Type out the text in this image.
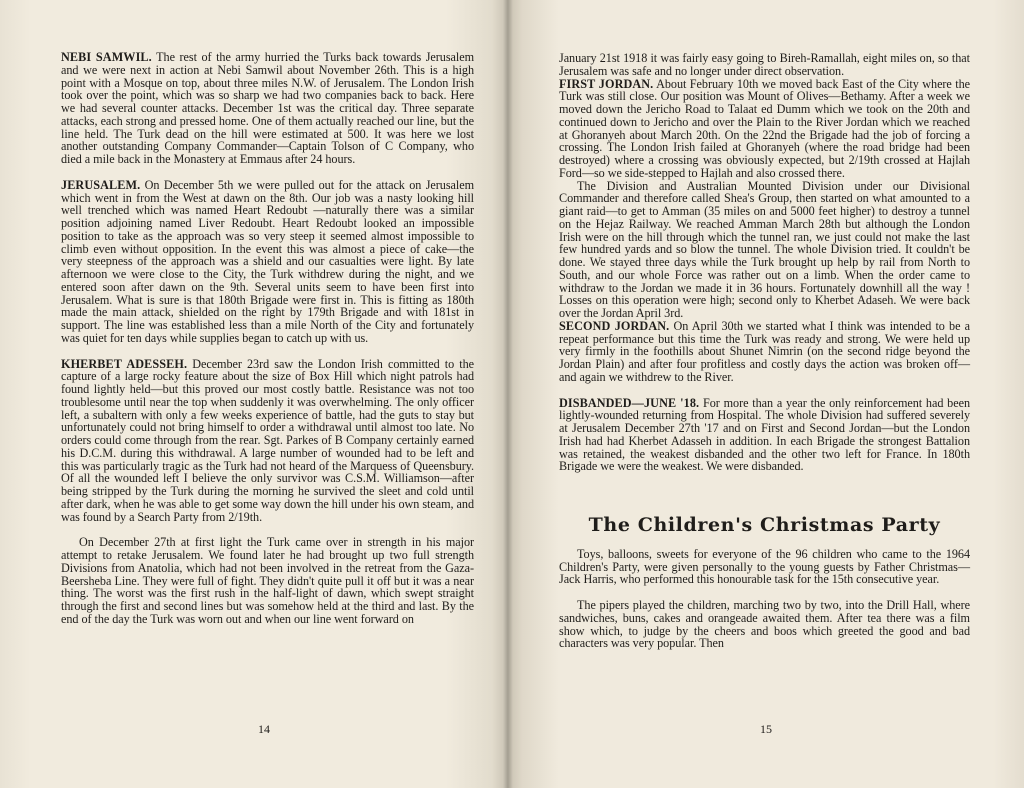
NEBI SAMWIL. The rest of the army hurried the Turks back towards Jerusalem and we were next in action at Nebi Samwil about November 26th. This is a high point with a Mosque on top, about three miles N.W. of Jerusalem. The London Irish took over the point, which was so sharp we had two companies back to back. Here we had several counter attacks. December 1st was the critical day. Three separate attacks, each strong and pressed home. One of them actually reached our line, but the line held. The Turk dead on the hill were estimated at 500. It was here we lost another outstanding Company Commander—Captain Tolson of C Company, who died a mile back in the Monastery at Emmaus after 24 hours.

JERUSALEM. On December 5th we were pulled out for the attack on Jerusalem which went in from the West at dawn on the 8th. Our job was a nasty looking hill well trenched which was named Heart Redoubt —naturally there was a similar position adjoining named Liver Redoubt. Heart Redoubt looked an impossible position to take as the approach was so very steep it seemed almost impossible to climb even without opposition. In the event this was almost a piece of cake—the very steepness of the approach was a shield and our casualties were light. By late afternoon we were close to the City, the Turk withdrew during the night, and we entered soon after dawn on the 9th. Several units seem to have been first into Jerusalem. What is sure is that 180th Brigade were first in. This is fitting as 180th made the main attack, shielded on the right by 179th Brigade and with 181st in support. The line was established less than a mile North of the City and fortunately was quiet for ten days while supplies began to catch up with us.

KHERBET ADESSEH. December 23rd saw the London Irish committed to the capture of a large rocky feature about the size of Box Hill which night patrols had found lightly held—but this proved our most costly battle. Resistance was not too troublesome until near the top when suddenly it was overwhelming. The only officer left, a subaltern with only a few weeks experience of battle, had the guts to stay but unfortunately could not bring himself to order a withdrawal until almost too late. No orders could come through from the rear. Sgt. Parkes of B Company certainly earned his D.C.M. during this withdrawal. A large number of wounded had to be left and this was particularly tragic as the Turk had not heard of the Marquess of Queensbury. Of all the wounded left I believe the only survivor was C.S.M. Williamson—after being stripped by the Turk during the morning he survived the sleet and cold until after dark, when he was able to get some way down the hill under his own steam, and was found by a Search Party from 2/19th.

On December 27th at first light the Turk came over in strength in his major attempt to retake Jerusalem. We found later he had brought up two full strength Divisions from Anatolia, which had not been involved in the retreat from the Gaza-Beersheba Line. They were full of fight. They didn't quite pull it off but it was a near thing. The worst was the first rush in the half-light of dawn, which swept straight through the first and second lines but was somehow held at the third and last. By the end of the day the Turk was worn out and when our line went forward on

14

January 21st 1918 it was fairly easy going to Bireh-Ramallah, eight miles on, so that Jerusalem was safe and no longer under direct observation.

FIRST JORDAN. About February 10th we moved back East of the City where the Turk was still close. Our position was Mount of Olives—Bethamy. After a week we moved down the Jericho Road to Talaat ed Dumm which we took on the 20th and continued down to Jericho and over the Plain to the River Jordan which we reached at Ghoranyeh about March 20th. On the 22nd the Brigade had the job of forcing a crossing. The London Irish failed at Ghoranyeh (where the road bridge had been destroyed) where a crossing was obviously expected, but 2/19th crossed at Hajlah Ford—so we side-stepped to Hajlah and also crossed there.

The Division and Australian Mounted Division under our Divisional Commander and therefore called Shea's Group, then started on what amounted to a giant raid—to get to Amman (35 miles on and 5000 feet higher) to destroy a tunnel on the Hejaz Railway. We reached Amman March 28th but although the London Irish were on the hill through which the tunnel ran, we just could not make the last few hundred yards and so blow the tunnel. The whole Division tried. It couldn't be done. We stayed three days while the Turk brought up help by rail from North to South, and our whole Force was rather out on a limb. When the order came to withdraw to the Jordan we made it in 36 hours. Fortunately downhill all the way ! Losses on this operation were high; second only to Kherbet Adaseh. We were back over the Jordan April 3rd.

SECOND JORDAN. On April 30th we started what I think was intended to be a repeat performance but this time the Turk was ready and strong. We were held up very firmly in the foothills about Shunet Nimrin (on the second ridge beyond the Jordan Plain) and after four profitless and costly days the action was broken off—and again we withdrew to the River.

DISBANDED—JUNE '18. For more than a year the only reinforcement had been lightly-wounded returning from Hospital. The whole Division had suffered severely at Jerusalem December 27th '17 and on First and Second Jordan—but the London Irish had had Kherbet Adasseh in addition. In each Brigade the strongest Battalion was retained, the weakest disbanded and the other two left for France. In 180th Brigade we were the weakest. We were disbanded.

The Children's Christmas Party

Toys, balloons, sweets for everyone of the 96 children who came to the 1964 Children's Party, were given personally to the young guests by Father Christmas—Jack Harris, who performed this honourable task for the 15th consecutive year.

The pipers played the children, marching two by two, into the Drill Hall, where sandwiches, buns, cakes and orangeade awaited them. After tea there was a film show which, to judge by the cheers and boos which greeted the good and bad characters was very popular. Then

15
